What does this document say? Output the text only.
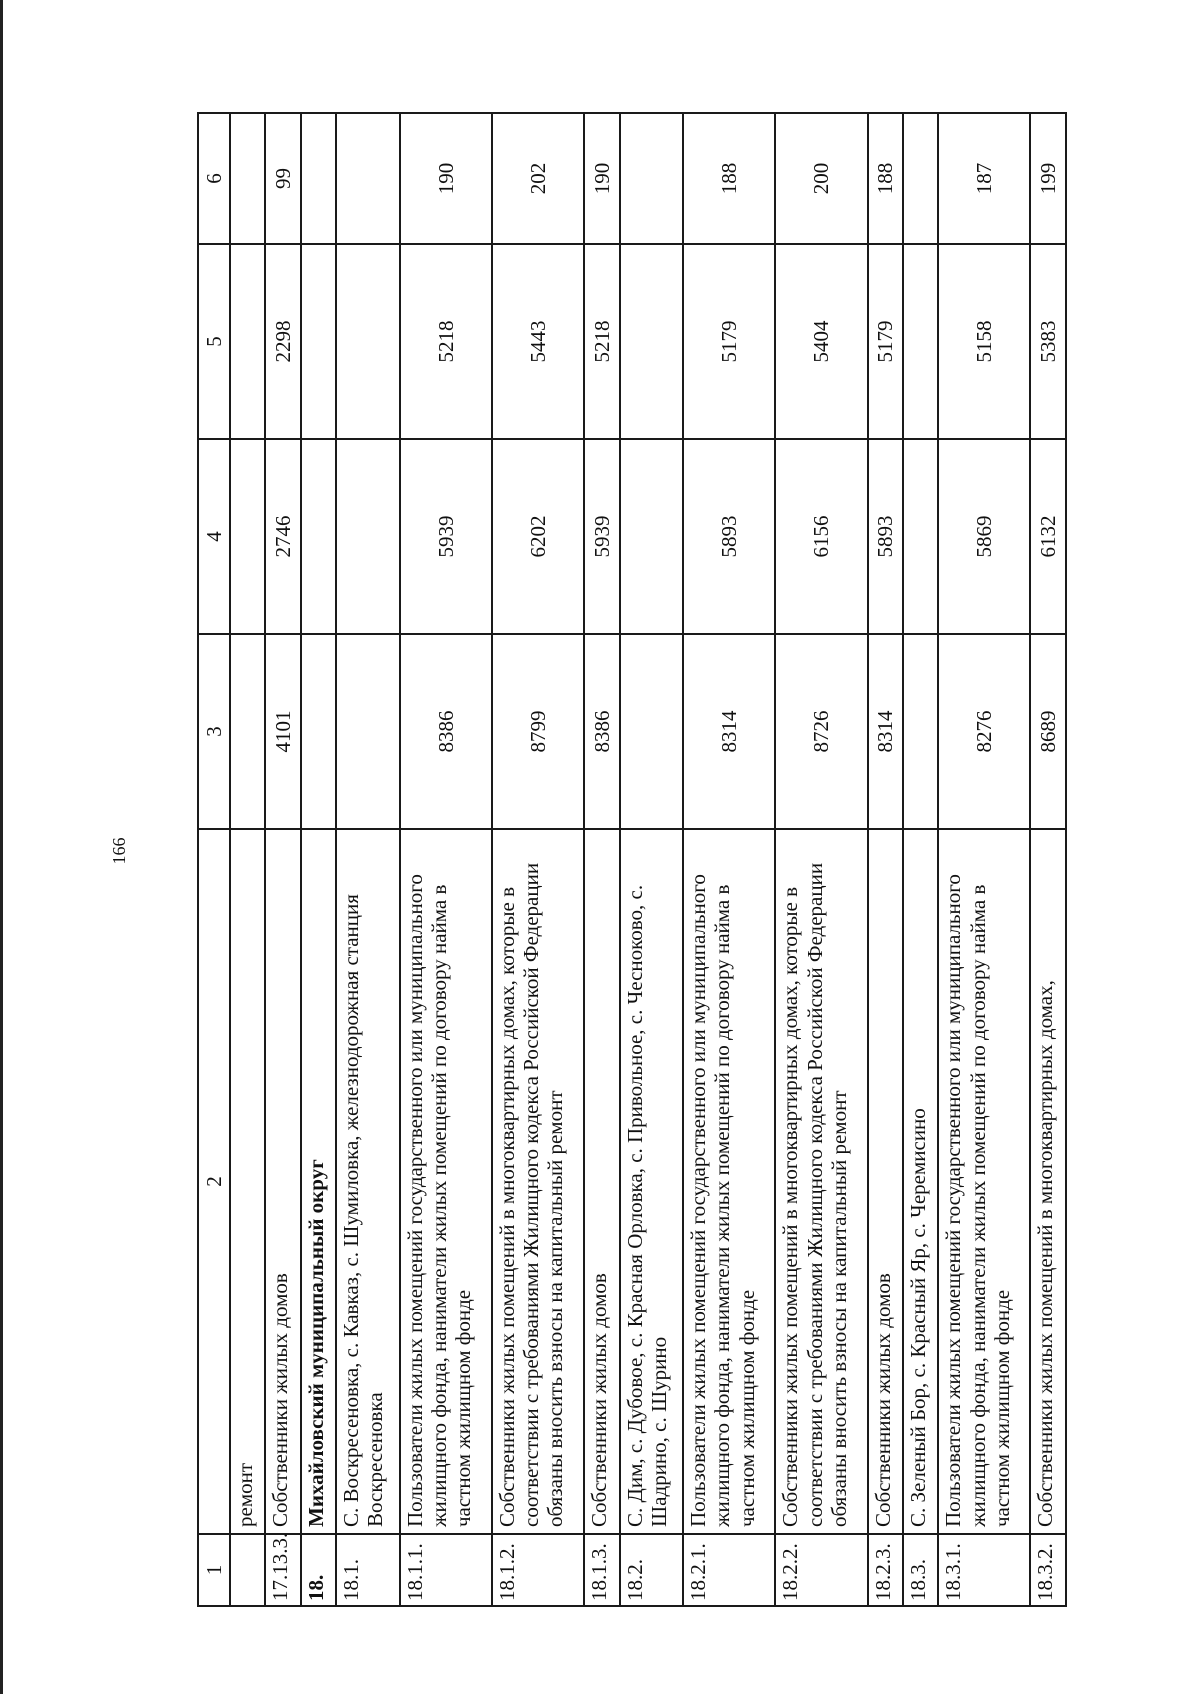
166
1	2	3	4	5	6
	ремонт				
17.13.3.	Собственники жилых домов	4101	2746	2298	99
18.	Михайловский муниципальный округ				
18.1.	С. Воскресеновка, с. Кавказ, с. Шумиловка, железнодорожная станция Воскресеновка				
18.1.1.	Пользователи жилых помещений государственного или муниципального жилищного фонда, наниматели жилых помещений по договору найма в частном жилищном фонде	8386	5939	5218	190
18.1.2.	Собственники жилых помещений в многоквартирных домах, которые в соответствии с требованиями Жилищного кодекса Российской Федерации обязаны вносить взносы на капитальный ремонт	8799	6202	5443	202
18.1.3.	Собственники жилых домов	8386	5939	5218	190
18.2.	С. Дим, с. Дубовое, с. Красная Орловка, с. Привольное, с. Чесноково, с. Шадрино, с. Шурино				
18.2.1.	Пользователи жилых помещений государственного или муниципального жилищного фонда, наниматели жилых помещений по договору найма в частном жилищном фонде	8314	5893	5179	188
18.2.2.	Собственники жилых помещений в многоквартирных домах, которые в соответствии с требованиями Жилищного кодекса Российской Федерации обязаны вносить взносы на капитальный ремонт	8726	6156	5404	200
18.2.3.	Собственники жилых домов	8314	5893	5179	188
18.3.	С. Зеленый Бор, с. Красный Яр, с. Черемисино				
18.3.1.	Пользователи жилых помещений государственного или муниципального жилищного фонда, наниматели жилых помещений по договору найма в частном жилищном фонде	8276	5869	5158	187
18.3.2.	Собственники жилых помещений в многоквартирных домах,	8689	6132	5383	199
